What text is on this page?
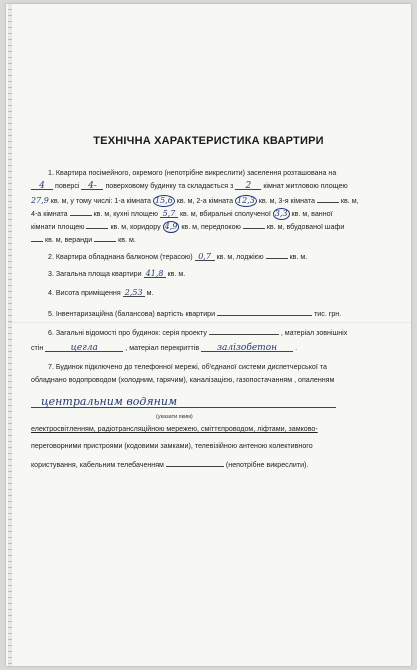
ТЕХНІЧНА ХАРАКТЕРИСТИКА КВАРТИРИ
1. Квартира посімейного, окремого (непотрібне викреслити) заселення розташована на
4 поверсі 4- поверховому будинку та складається з 2 кімнат житловою площею
27,9 кв. м, у тому числі: 1-а кімната 15,6 кв. м, 2-а кімната 12,3 кв. м, 3-я кімната	кв. м,
4-а кімната	кв. м, кухні площею 5,7 кв. м, вбиральні сполученої 3,3 кв. м, ванної
кімнати площею	кв. м, коридору 4,9 кв. м, передпокою	кв. м, вбудованої шафи
кв. м, веранди	кв. м.
2. Квартира обладнана балконом (терасою) 0,7 кв. м, лоджією	кв. м.
3. Загальна площа квартири 41,8 кв. м.
4. Висота приміщення 2,53 м.
5. Інвентаризаційна (балансова) вартість квартири	тис. грн.
6. Загальні відомості про будинок: серія проекту	, матеріал зовнішніх
стін	цегла	, матеріал перекриттів залізобетон	.
7. Будинок підключено до телефонної мережі, об'єднаної системи диспетчерської та
обладнано водопроводом (холодним, гарячим), каналізацією, газопостачанням , опаленням
центральним водяним
(указати яким)
електросвітленням, радіотрансляційною мережею, сміттєпроводом, ліфтами, замково-
переговорними пристроями (кодовими замками), телевізійною антеною колективного
користування, кабельним телебаченням	(непотрібне викреслити).
